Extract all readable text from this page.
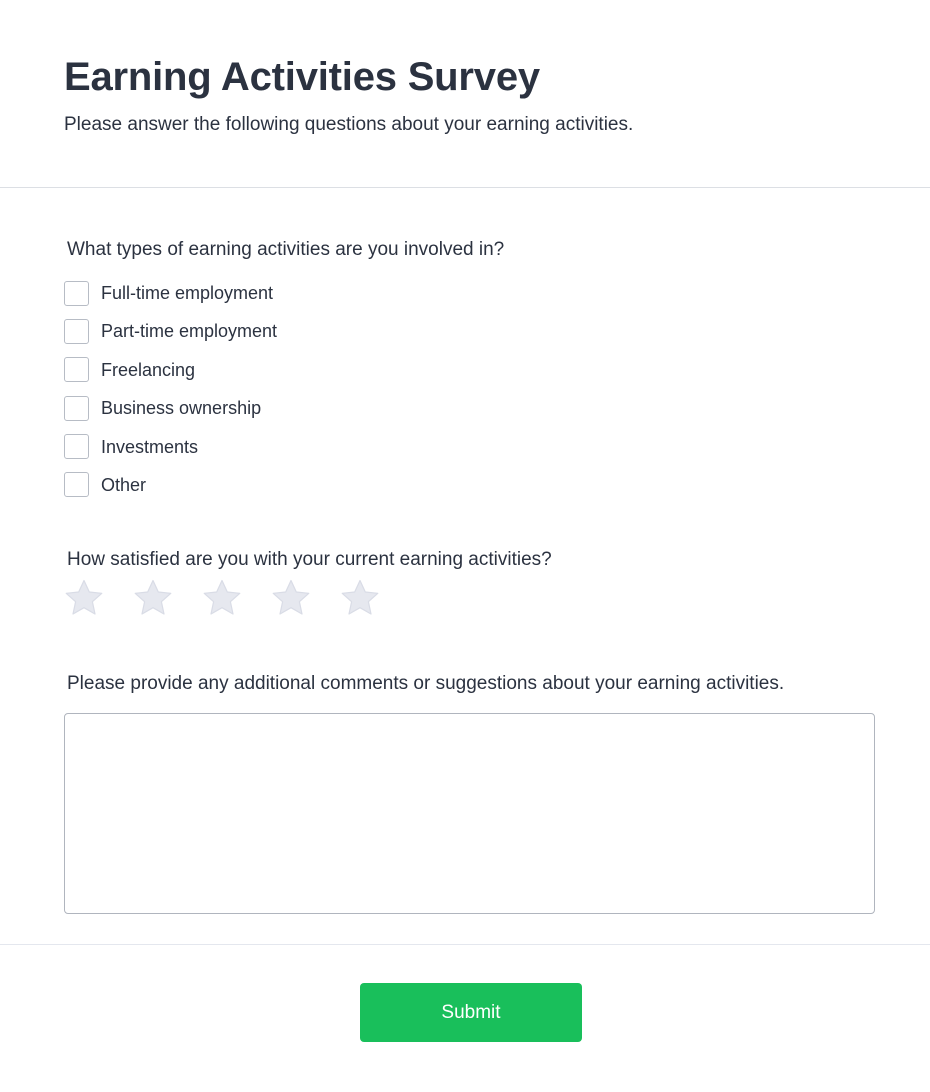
Earning Activities Survey

Please answer the following questions about your earning activities.

What types of earning activities are you involved in?
Full-time employment
Part-time employment
Freelancing
Business ownership
Investments
Other
How satisfied are you with your current earning activities?
Please provide any additional comments or suggestions about your earning activities.
Submit
